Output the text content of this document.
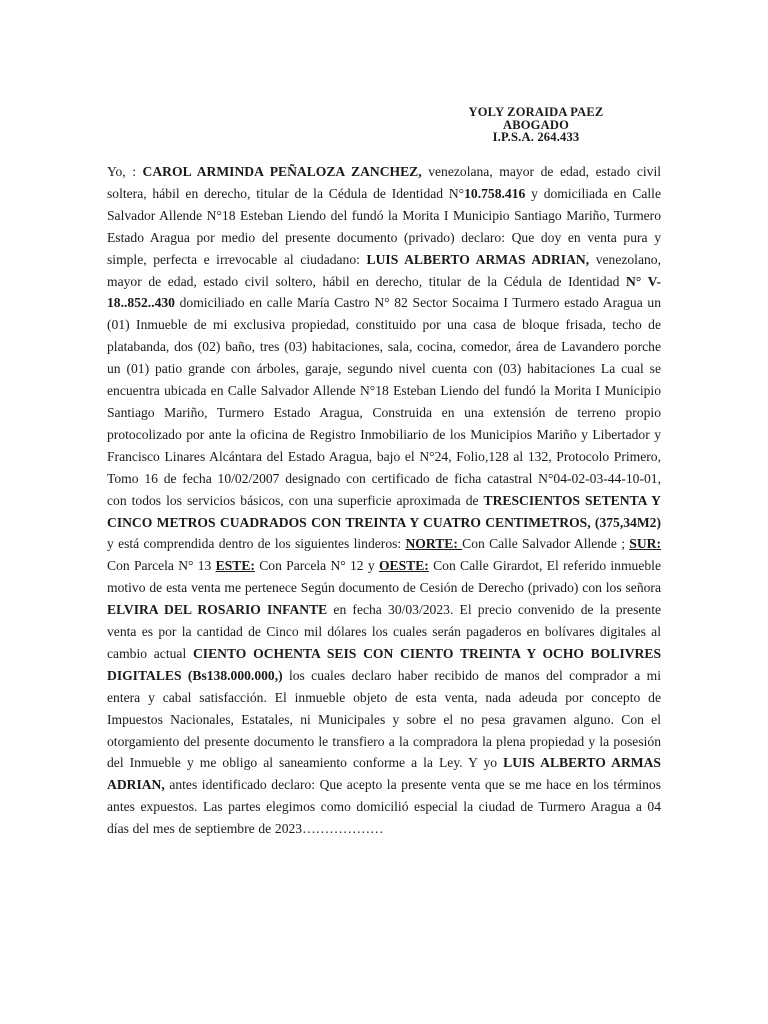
YOLY ZORAIDA PAEZ
ABOGADO
I.P.S.A. 264.433
Yo, : CAROL ARMINDA PEÑALOZA ZANCHEZ, venezolana, mayor de edad, estado civil soltera, hábil en derecho, titular de la Cédula de Identidad N°10.758.416 y domiciliada en Calle Salvador Allende N°18 Esteban Liendo del fundó la Morita I Municipio Santiago Mariño, Turmero Estado Aragua por medio del presente documento (privado) declaro: Que doy en venta pura y simple, perfecta e irrevocable al ciudadano: LUIS ALBERTO ARMAS ADRIAN, venezolano, mayor de edad, estado civil soltero, hábil en derecho, titular de la Cédula de Identidad N° V- 18..852..430 domiciliado en calle María Castro N° 82 Sector Socaima I Turmero estado Aragua un (01) Inmueble de mi exclusiva propiedad, constituido por una casa de bloque frisada, techo de platabanda, dos (02) baño, tres (03) habitaciones, sala, cocina, comedor, área de Lavandero porche un (01) patio grande con árboles, garaje, segundo nivel cuenta con (03) habitaciones La cual se encuentra ubicada en Calle Salvador Allende N°18 Esteban Liendo del fundó la Morita I Municipio Santiago Mariño, Turmero Estado Aragua, Construida en una extensión de terreno propio protocolizado por ante la oficina de Registro Inmobiliario de los Municipios Mariño y Libertador y Francisco Linares Alcántara del Estado Aragua, bajo el N°24, Folio,128 al 132, Protocolo Primero, Tomo 16 de fecha 10/02/2007 designado con certificado de ficha catastral N°04-02-03-44-10-01, con todos los servicios básicos, con una superficie aproximada de TRESCIENTOS SETENTA Y CINCO METROS CUADRADOS CON TREINTA Y CUATRO CENTIMETROS, (375,34M2) y está comprendida dentro de los siguientes linderos: NORTE: Con Calle Salvador Allende ; SUR: Con Parcela N° 13 ESTE: Con Parcela N° 12 y OESTE: Con Calle Girardot, El referido inmueble motivo de esta venta me pertenece Según documento de Cesión de Derecho (privado) con los señora ELVIRA DEL ROSARIO INFANTE en fecha 30/03/2023. El precio convenido de la presente venta es por la cantidad de Cinco mil dólares los cuales serán pagaderos en bolívares digitales al cambio actual CIENTO OCHENTA SEIS CON CIENTO TREINTA Y OCHO BOLIVRES DIGITALES (Bs138.000.000,) los cuales declaro haber recibido de manos del comprador a mi entera y cabal satisfacción. El inmueble objeto de esta venta, nada adeuda por concepto de Impuestos Nacionales, Estatales, ni Municipales y sobre el no pesa gravamen alguno. Con el otorgamiento del presente documento le transfiero a la compradora la plena propiedad y la posesión del Inmueble y me obligo al saneamiento conforme a la Ley. Y yo LUIS ALBERTO ARMAS ADRIAN, antes identificado declaro: Que acepto la presente venta que se me hace en los términos antes expuestos. Las partes elegimos como domicilió especial la ciudad de Turmero Aragua a 04 días del mes de septiembre de 2023………………
